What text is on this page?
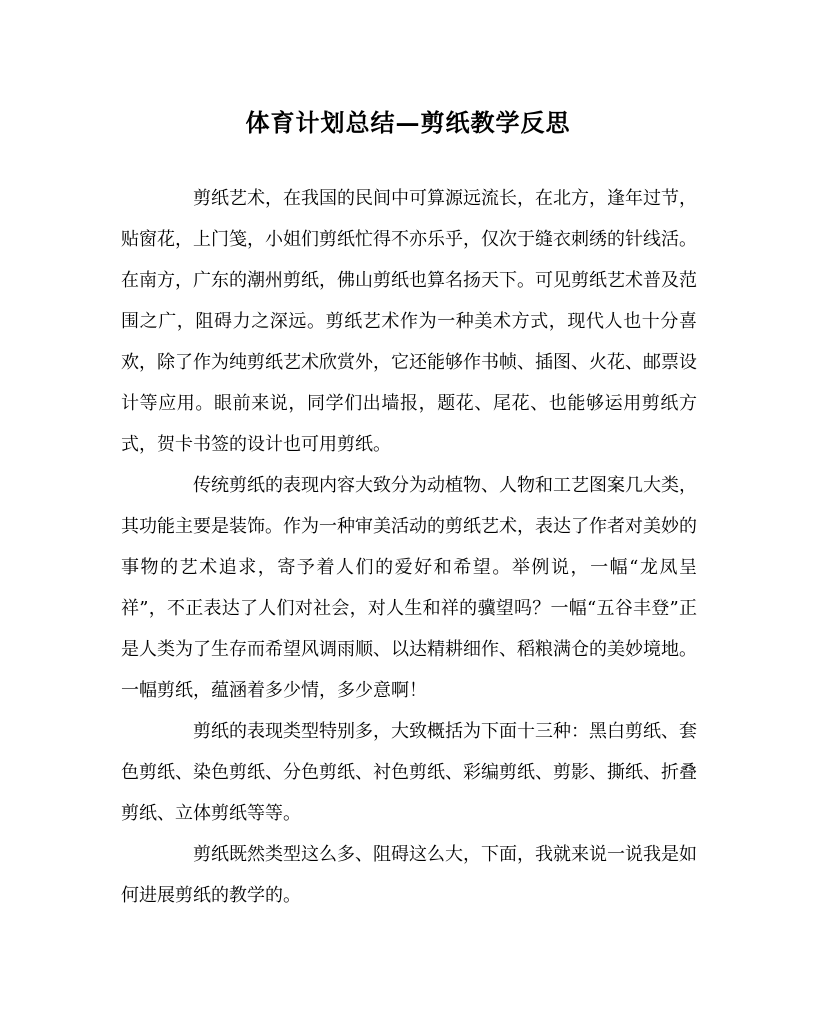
体育计划总结—剪纸教学反思

剪纸艺术，在我国的民间中可算源远流长，在北方，逢年过节，贴窗花，上门笺，小姐们剪纸忙得不亦乐乎，仅次于缝衣刺绣的针线活。在南方，广东的潮州剪纸，佛山剪纸也算名扬天下。可见剪纸艺术普及范围之广，阻碍力之深远。剪纸艺术作为一种美术方式，现代人也十分喜欢，除了作为纯剪纸艺术欣赏外，它还能够作书帧、插图、火花、邮票设计等应用。眼前来说，同学们出墙报，题花、尾花、也能够运用剪纸方式，贺卡书签的设计也可用剪纸。

传统剪纸的表现内容大致分为动植物、人物和工艺图案几大类，其功能主要是装饰。作为一种审美活动的剪纸艺术，表达了作者对美妙的事物的艺术追求，寄予着人们的爱好和希望。举例说，一幅“龙凤呈祥”，不正表达了人们对社会，对人生和祥的骥望吗？一幅“五谷丰登”正是人类为了生存而希望风调雨顺、以达精耕细作、稻粮满仓的美妙境地。一幅剪纸，蕴涵着多少情，多少意啊！

剪纸的表现类型特别多，大致概括为下面十三种：黑白剪纸、套色剪纸、染色剪纸、分色剪纸、衬色剪纸、彩编剪纸、剪影、撕纸、折叠剪纸、立体剪纸等等。

剪纸既然类型这么多、阻碍这么大，下面，我就来说一说我是如何进展剪纸的教学的。
